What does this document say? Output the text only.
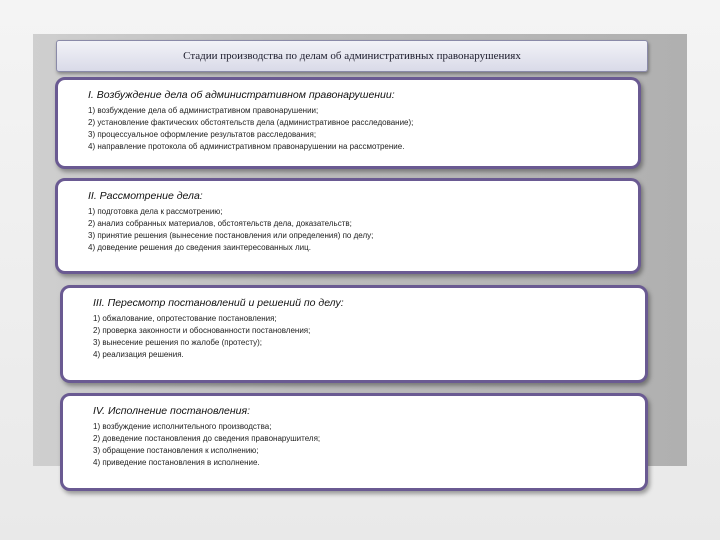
Стадии производства по делам об административных правонарушениях
I. Возбуждение дела об административном правонарушении:
1) возбуждение дела об административном правонарушении;
2) установление фактических обстоятельств дела (административное расследование);
3) процессуальное оформление результатов расследования;
4) направление протокола об административном правонарушении на рассмотрение.
II. Рассмотрение дела:
1) подготовка дела к рассмотрению;
2) анализ собранных материалов, обстоятельств дела, доказательств;
3) принятие решения (вынесение постановления или определения) по делу;
4) доведение решения до сведения заинтересованных лиц.
III. Пересмотр постановлений и решений по делу:
1) обжалование, опротестование постановления;
2) проверка законности и обоснованности постановления;
3) вынесение решения по жалобе (протесту);
4) реализация решения.
IV. Исполнение постановления:
1) возбуждение исполнительного производства;
2) доведение постановления до сведения правонарушителя;
3) обращение постановления к исполнению;
4) приведение постановления в исполнение.
